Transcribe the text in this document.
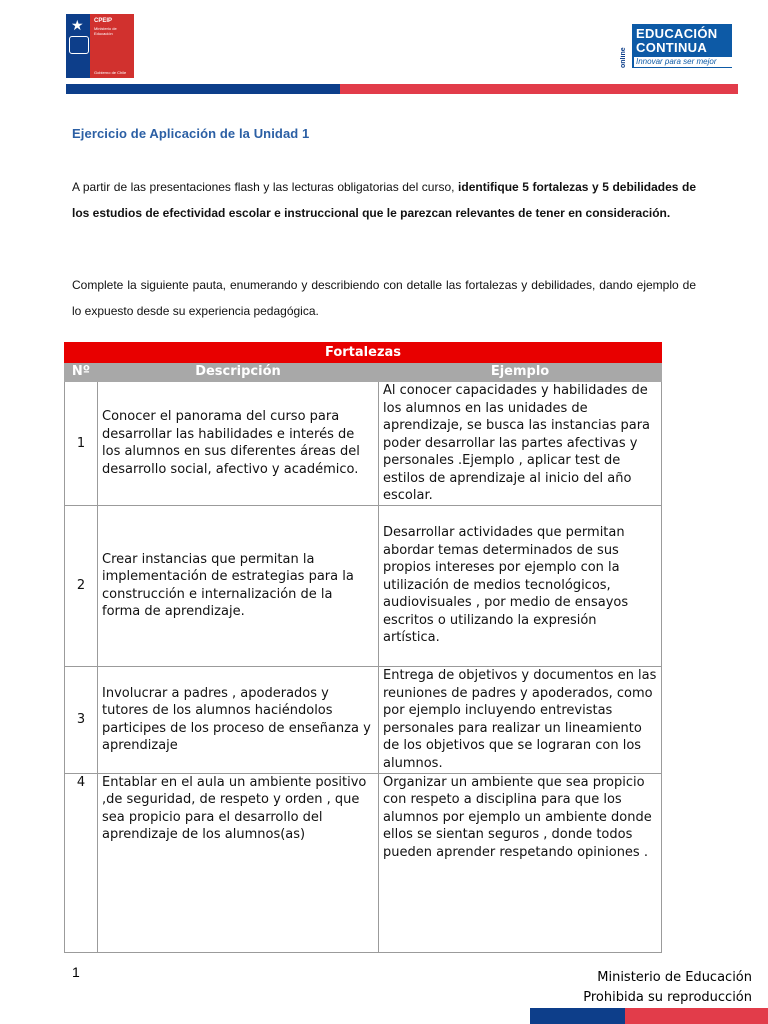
★ CPEIP
Ministerio de Educación
Gobierno de Chile
online
EDUCACIÓN
CONTINUA
Innovar para ser mejor
Ejercicio de Aplicación de la Unidad 1
A partir de las presentaciones flash y las lecturas obligatorias del curso, identifique 5 fortalezas y 5 debilidades de los estudios de efectividad escolar e instruccional que le parezcan relevantes de tener en consideración.
Complete la siguiente pauta, enumerando y describiendo con detalle las fortalezas y debilidades, dando ejemplo de lo expuesto desde su experiencia pedagógica.
Fortalezas		
Nº	Descripción	Ejemplo
1	Conocer el panorama del curso para desarrollar las habilidades e interés de los alumnos en sus diferentes áreas del desarrollo social, afectivo y académico.	Al conocer capacidades y habilidades de los alumnos en las unidades de aprendizaje, se busca las instancias para poder desarrollar las partes afectivas y personales .Ejemplo , aplicar test de estilos de aprendizaje al inicio del año escolar.
2	Crear instancias que permitan la implementación de estrategias para la construcción e internalización de la forma de aprendizaje.	Desarrollar actividades que permitan abordar temas determinados de sus propios intereses por ejemplo con la utilización de medios tecnológicos, audiovisuales , por medio de ensayos escritos o utilizando la expresión artística.
3	Involucrar a padres , apoderados y tutores de los alumnos haciéndolos participes de los proceso de enseñanza y aprendizaje	Entrega de objetivos y documentos en las reuniones de padres y apoderados, como por ejemplo incluyendo entrevistas personales para realizar un lineamiento de los objetivos que se lograran con los alumnos.
4	Entablar en el aula un ambiente positivo ,de seguridad, de respeto y orden , que sea propicio para el desarrollo del aprendizaje de los alumnos(as)	Organizar un ambiente que sea propicio con respeto a disciplina para que los alumnos por ejemplo un ambiente donde ellos se sientan seguros , donde todos pueden aprender respetando opiniones .
1	Ministerio de Educación
Prohibida su reproducción
